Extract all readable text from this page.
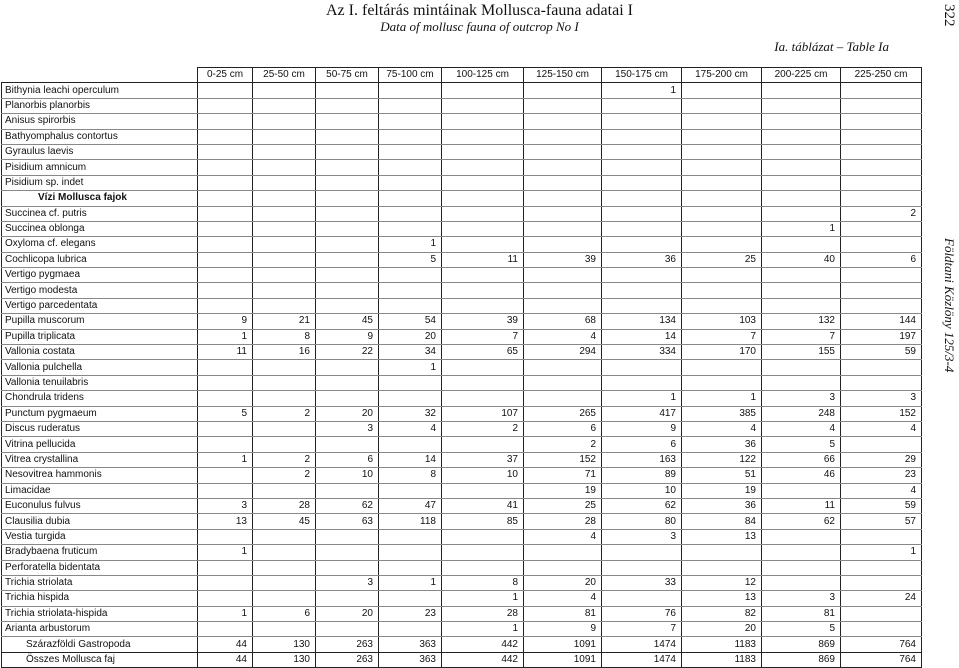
Az I. feltárás mintáinak Mollusca-fauna adatai I
Data of mollusc fauna of outcrop No I
Ia. táblázat – Table Ia
322
Földtani Közlöny 125/3-4
	0-25 cm	25-50 cm	50-75 cm	75-100 cm	100-125 cm	125-150 cm	150-175 cm	175-200 cm	200-225 cm	225-250 cm
Bithynia leachi operculum							1			
Planorbis planorbis										
Anisus spirorbis										
Bathyomphalus contortus										
Gyraulus laevis										
Pisidium amnicum										
Pisidium sp. indet										
Vízi Mollusca fajok										
Succinea cf. putris										2
Succinea oblonga									1	
Oxyloma cf. elegans				1						
Cochlicopa lubrica				5	11	39	36	25	40	6
Vertigo pygmaea										
Vertigo modesta										
Vertigo parcedentata										
Pupilla muscorum	9	21	45	54	39	68	134	103	132	144
Pupilla triplicata	1	8	9	20	7	4	14	7	7	197
Vallonia costata	11	16	22	34	65	294	334	170	155	59
Vallonia pulchella				1						
Vallonia tenuilabris										
Chondrula tridens							1	1	3	3
Punctum pygmaeum	5	2	20	32	107	265	417	385	248	152
Discus ruderatus			3	4	2	6	9	4	4	4
Vitrina pellucida						2	6	36	5	
Vitrea crystallina	1	2	6	14	37	152	163	122	66	29
Nesovitrea hammonis		2	10	8	10	71	89	51	46	23
Limacidae						19	10	19		4
Euconulus fulvus	3	28	62	47	41	25	62	36	11	59
Clausilia dubia	13	45	63	118	85	28	80	84	62	57
Vestia turgida						4	3	13		
Bradybaena fruticum	1									1
Perforatella bidentata										
Trichia striolata			3	1	8	20	33	12		
Trichia hispida					1	4		13	3	24
Trichia striolata-hispida	1	6	20	23	28	81	76	82	81	
Arianta arbustorum					1	9	7	20	5	
Szárazföldi Gastropoda	44	130	263	363	442	1091	1474	1183	869	764
Összes Mollusca faj	44	130	263	363	442	1091	1474	1183	869	764
